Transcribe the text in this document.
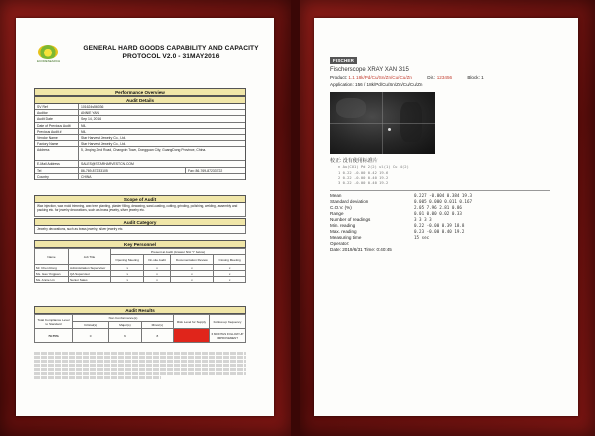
ECORESEARCH
GENERAL HARD GOODS CAPABILITY AND CAPACITY
PROTOCOL V2.0 - 31MAY2016
Performance Overview
Audit Details
SV Ref	101624s56036
Auditor	ANNIE YAN
Audit Date	Sep 14, 2016
Date of Previous Audit	NIL
Previous Audit #	NIL
Vendor Name	Star Harvest Jewelry Co., Ltd.
Factory Name	Star Harvest Jewelry Co., Ltd.
Address	5, Jinqing 2nd Road, Changxin Town, Dongguan City, GuangDong Province, China.
E-Mail Address	SALES@STARHARVESTCN.COM
Tel	86-769-87233105	Fax: 86-769-87233722
Country	CHINA
Scope of Audit
Wax injection, wax mold trimming, wax tree planting, plaster filling, dewaxing, sand-casting, cutting, grinding, polishing, welding, assembly and packing etc. for jewelry decorations, such as brass jewelry, silver jewelry etc.
Audit Category
Jewelry decorations, such as brass jewelry, silver jewelry etc.
Key Personnel
Name	Job Title	Present at Audit (Answer N/A 'Y' below)			
		Opening Meeting	On-site Audit	Documentation Review	Closing Meeting
Mr. Chen Rong	Administration Supervisor	x	x	x	x
Ms. Gao Yingjuan	QA Supervisor	x	x	x	x
Ms. Annie Lin	Senior Sales	x	x	x	x
Audit Results
Total Compliance Level to Standard	Non Conformance(s)			Risk Level for Supply	Follow-up frequency
	Critical(s)	Major(s)	Minor(s)		
79.75%	0	6	8		6 MONTHS FOLLOW UP IMPROVEMENT
FISCHER
Fischerscope XRAY XAN 315
Product: 1.1 18k/Pd/Cu/Sn/Zn/Cu/Cu/Zn	Dir.: 123456	Block: 1
Application: 156 / 18k/Pd/Cu/Sn/Zn/Cu/Cu/Zn
校正: 没有使用标准片
n Au(CU1) Pd 2(2) ul(1) Cu 4(2)
1 0.22 -0.00 0.42 19.6
2 0.22 -0.00 0.40 19.2
3 0.22 -0.00 0.40 19.2
Mean	0.227 -0.004 0.384 19.3
Standard deviation	0.005 0.000 0.011 0.167
C.O.V. (%)	2.05 7.96 2.81 0.86
Range	0.01 0.00 0.02 0.33
Number of readings	3 3 3 3
Min. reading	0.22 -0.00 0.39 18.8
Max. reading	0.23 -0.00 0.40 19.2
Measuring time	15 sec
Operator:
Date: 2019/6/31 Time: 0:40:45
